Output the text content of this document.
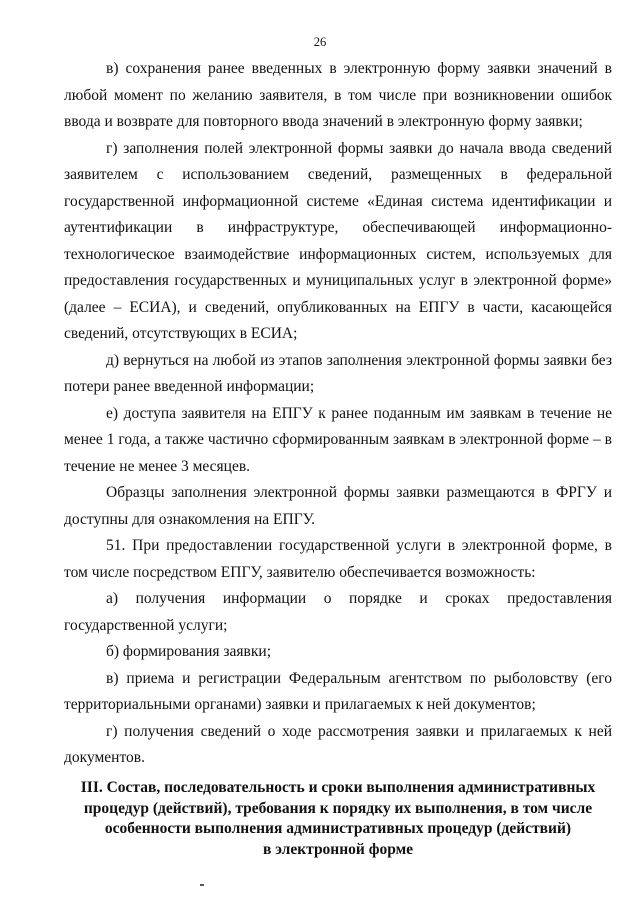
26

в) сохранения ранее введенных в электронную форму заявки значений в любой момент по желанию заявителя, в том числе при возникновении ошибок ввода и возврате для повторного ввода значений в электронную форму заявки;

г) заполнения полей электронной формы заявки до начала ввода сведений заявителем с использованием сведений, размещенных в федеральной государственной информационной системе «Единая система идентификации и аутентификации в инфраструктуре, обеспечивающей информационно-технологическое взаимодействие информационных систем, используемых для предоставления государственных и муниципальных услуг в электронной форме» (далее – ЕСИА), и сведений, опубликованных на ЕПГУ в части, касающейся сведений, отсутствующих в ЕСИА;

д) вернуться на любой из этапов заполнения электронной формы заявки без потери ранее введенной информации;

е) доступа заявителя на ЕПГУ к ранее поданным им заявкам в течение не менее 1 года, а также частично сформированным заявкам в электронной форме – в течение не менее 3 месяцев.

Образцы заполнения электронной формы заявки размещаются в ФРГУ и доступны для ознакомления на ЕПГУ.

51. При предоставлении государственной услуги в электронной форме, в том числе посредством ЕПГУ, заявителю обеспечивается возможность:

а) получения информации о порядке и сроках предоставления государственной услуги;

б) формирования заявки;

в) приема и регистрации Федеральным агентством по рыболовству (его территориальными органами) заявки и прилагаемых к ней документов;

г) получения сведений о ходе рассмотрения заявки и прилагаемых к ней документов.

III. Состав, последовательность и сроки выполнения административных
процедур (действий), требования к порядку их выполнения, в том числе
особенности выполнения административных процедур (действий)
в электронной форме
